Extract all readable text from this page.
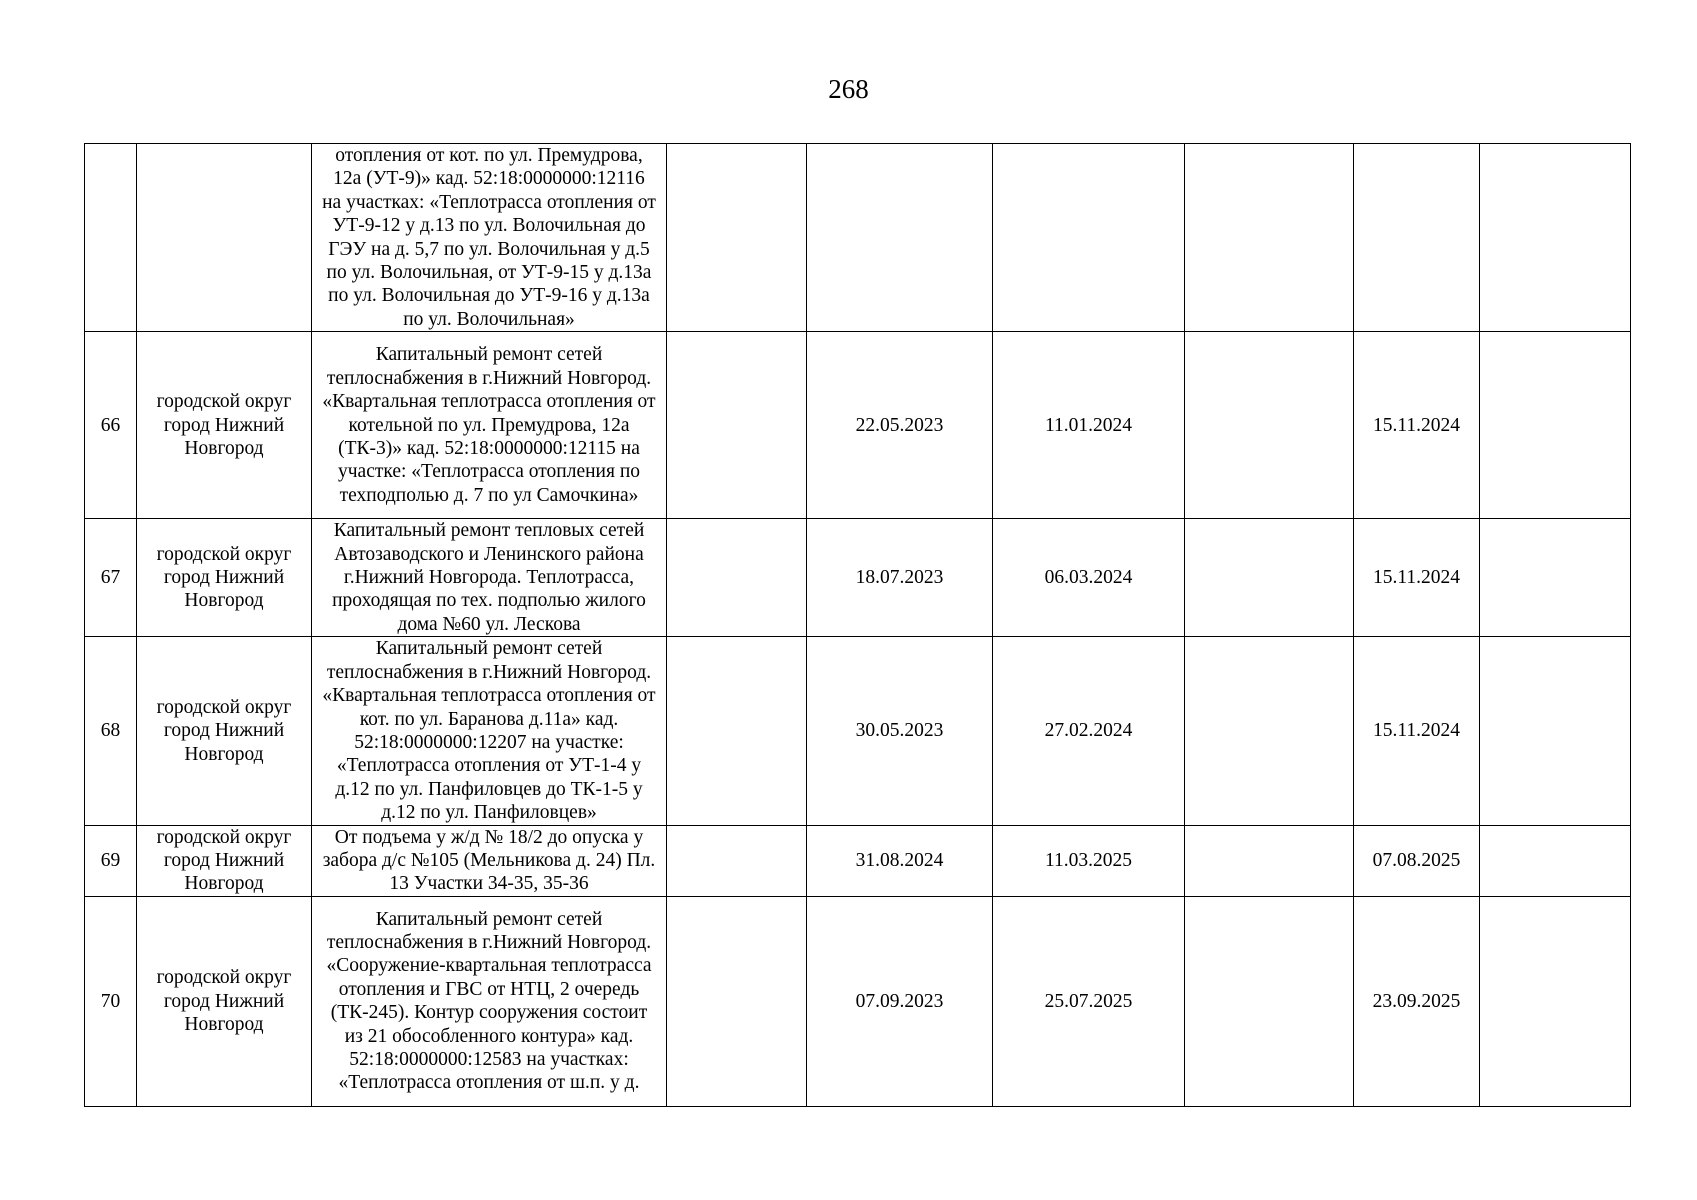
268
		отопления от кот. по ул. Премудрова, 12а (УТ-9)» кад. 52:18:0000000:12116 на участках: «Теплотрасса отопления от УТ-9-12 у д.13 по ул. Волочильная до ГЭУ на д. 5,7 по ул. Волочильная у д.5 по ул. Волочильная, от УТ-9-15 у д.13а по ул. Волочильная до УТ-9-16 у д.13а по ул. Волочильная»						
66	городской округ город Нижний Новгород	Капитальный ремонт сетей теплоснабжения в г.Нижний Новгород. «Квартальная теплотрасса отопления от котельной по ул. Премудрова, 12а (ТК-3)» кад. 52:18:0000000:12115 на участке: «Теплотрасса отопления по техподполью д. 7 по ул Самочкина»		22.05.2023	11.01.2024		15.11.2024	
67	городской округ город Нижний Новгород	Капитальный ремонт тепловых сетей Автозаводского и Ленинского района г.Нижний Новгорода. Теплотрасса, проходящая по тех. подполью жилого дома №60 ул. Лескова		18.07.2023	06.03.2024		15.11.2024	
68	городской округ город Нижний Новгород	Капитальный ремонт сетей теплоснабжения в г.Нижний Новгород. «Квартальная теплотрасса отопления от кот. по ул. Баранова д.11а» кад. 52:18:0000000:12207 на участке: «Теплотрасса отопления от УТ-1-4 у д.12 по ул. Панфиловцев до ТК-1-5 у д.12 по ул. Панфиловцев»		30.05.2023	27.02.2024		15.11.2024	
69	городской округ город Нижний Новгород	От подъема у ж/д № 18/2 до опуска у забора д/с №105 (Мельникова д. 24) Пл. 13 Участки 34-35, 35-36		31.08.2024	11.03.2025		07.08.2025	
70	городской округ город Нижний Новгород	Капитальный ремонт сетей теплоснабжения в г.Нижний Новгород. «Сооружение-квартальная теплотрасса отопления и ГВС от НТЦ, 2 очередь (ТК-245). Контур сооружения состоит из 21 обособленного контура» кад. 52:18:0000000:12583 на участках: «Теплотрасса отопления от ш.п. у д.		07.09.2023	25.07.2025		23.09.2025	
